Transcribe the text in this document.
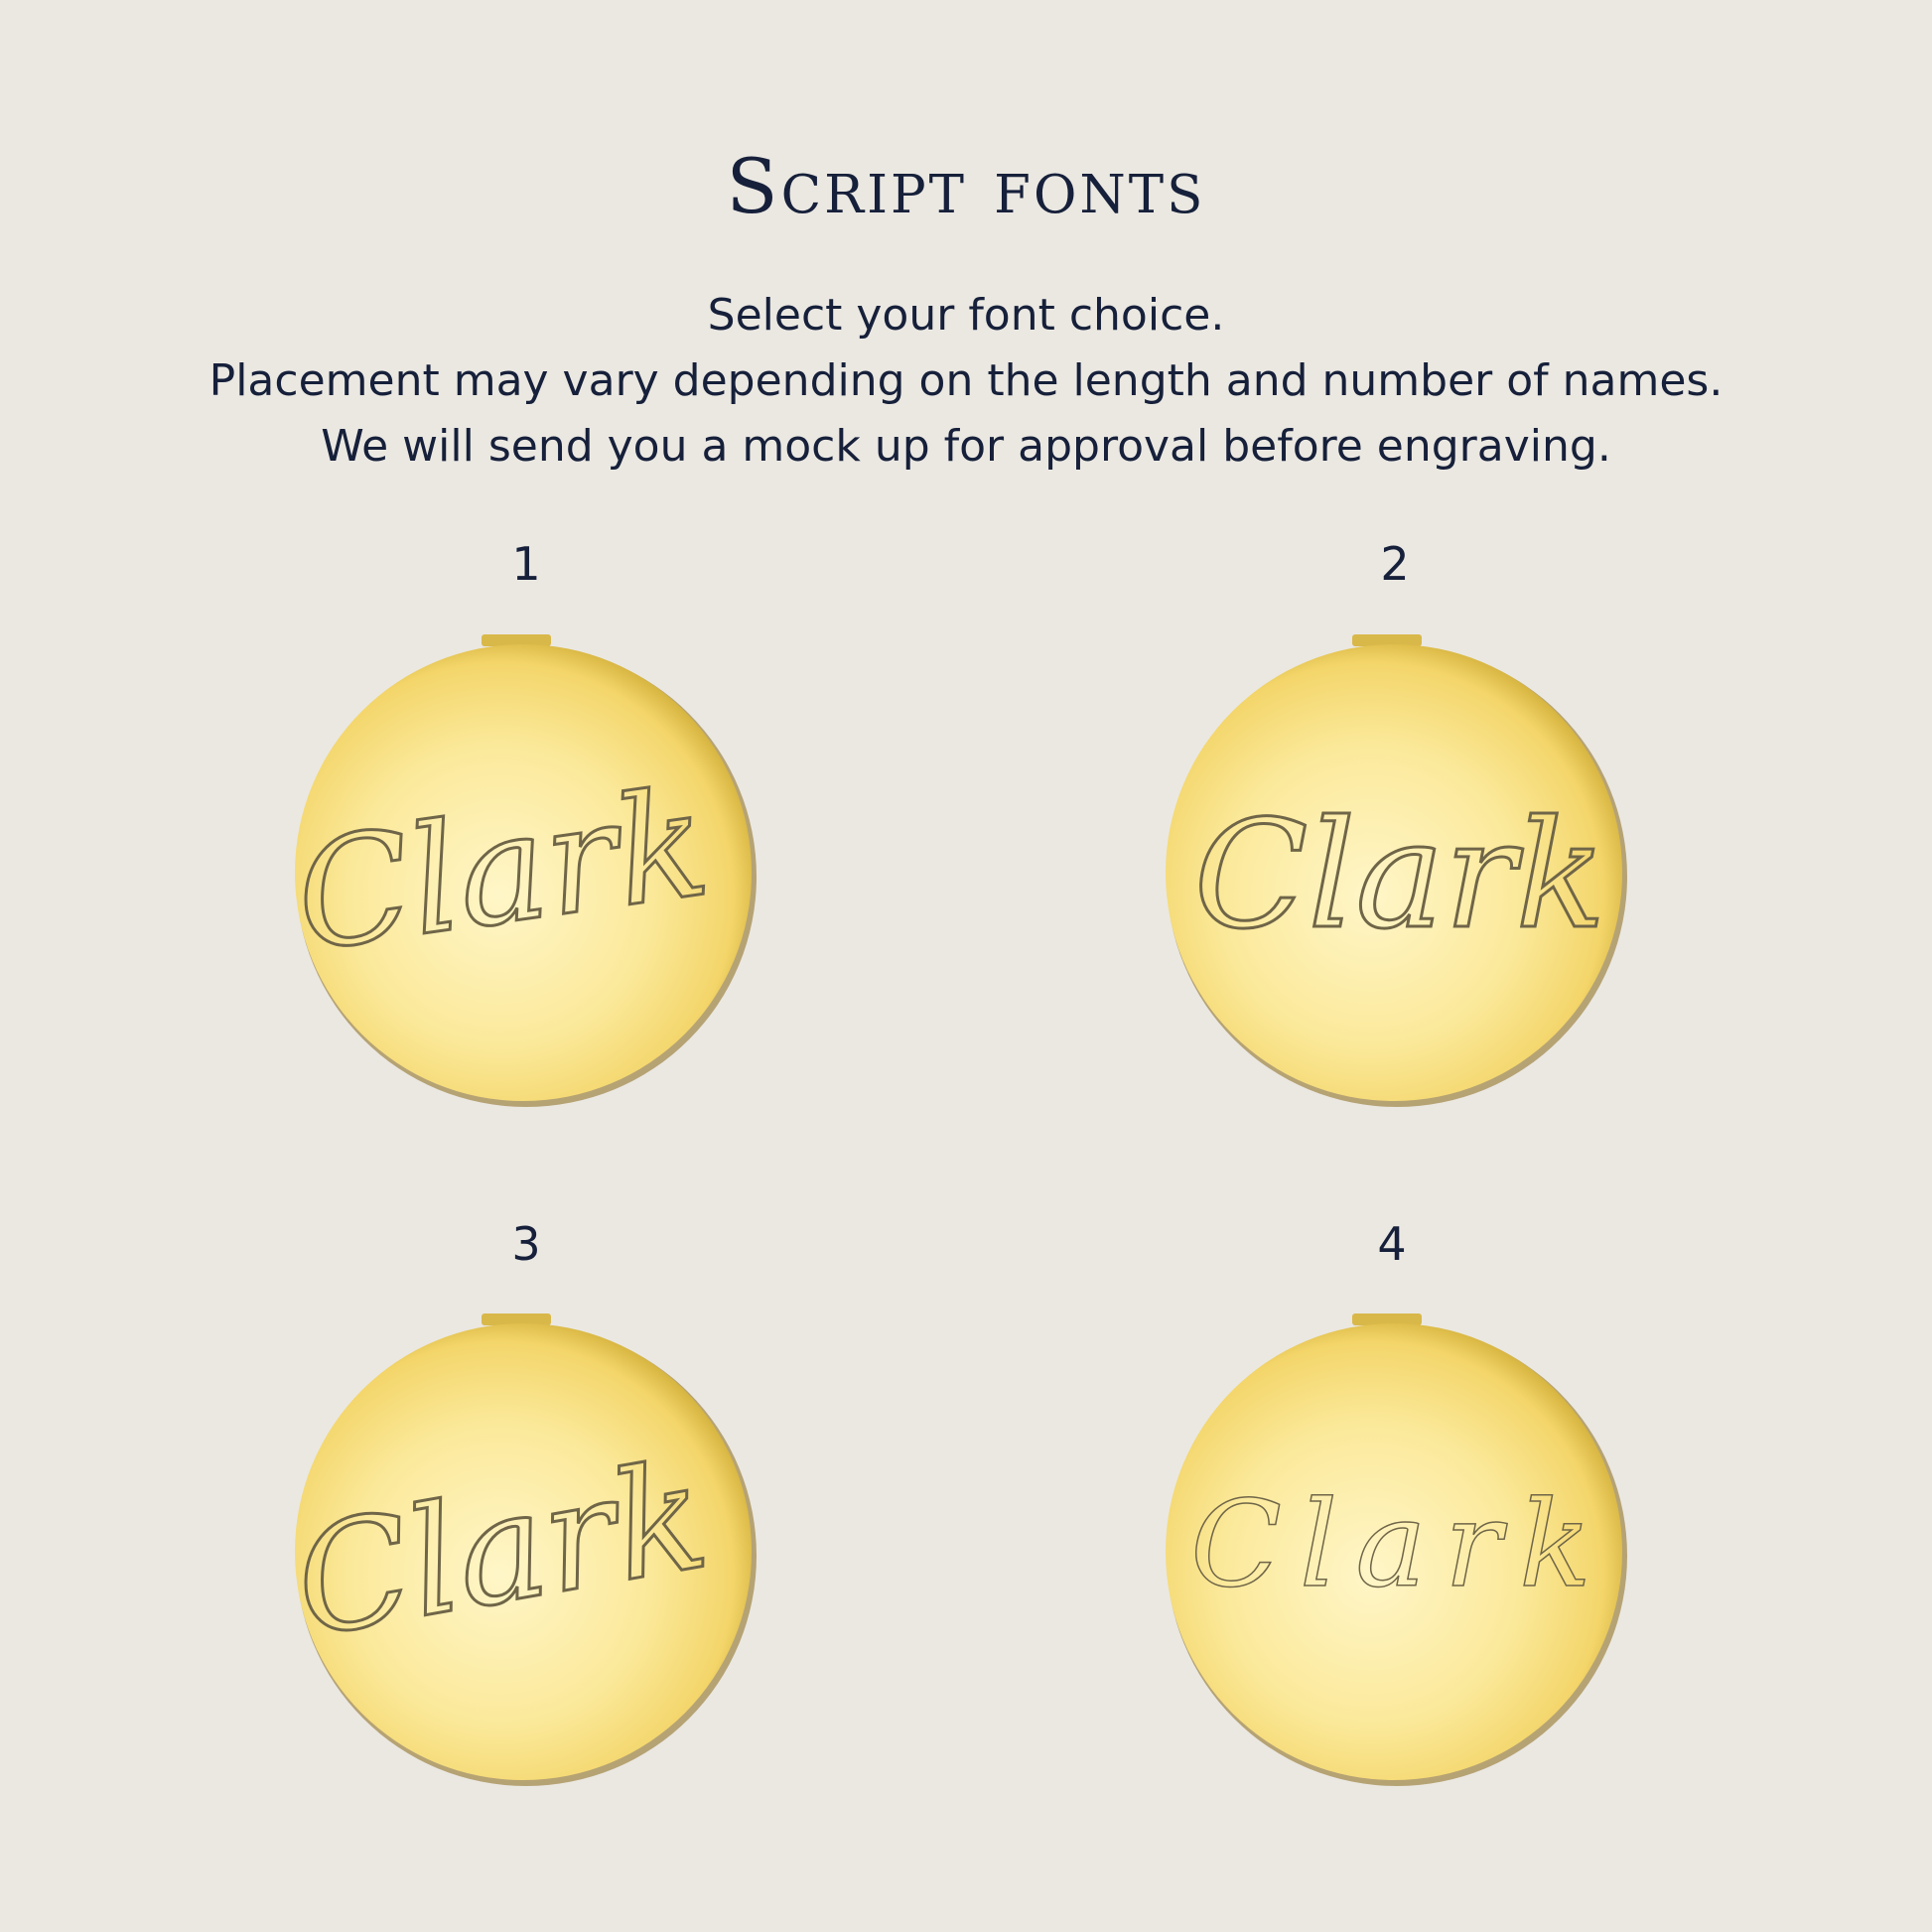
Script fonts
Select your font choice.
Placement may vary depending on the length and number of names.
We will send you a mock up for approval before engraving.
1
Clark
2
Clark
3
Clark
4
Clark
